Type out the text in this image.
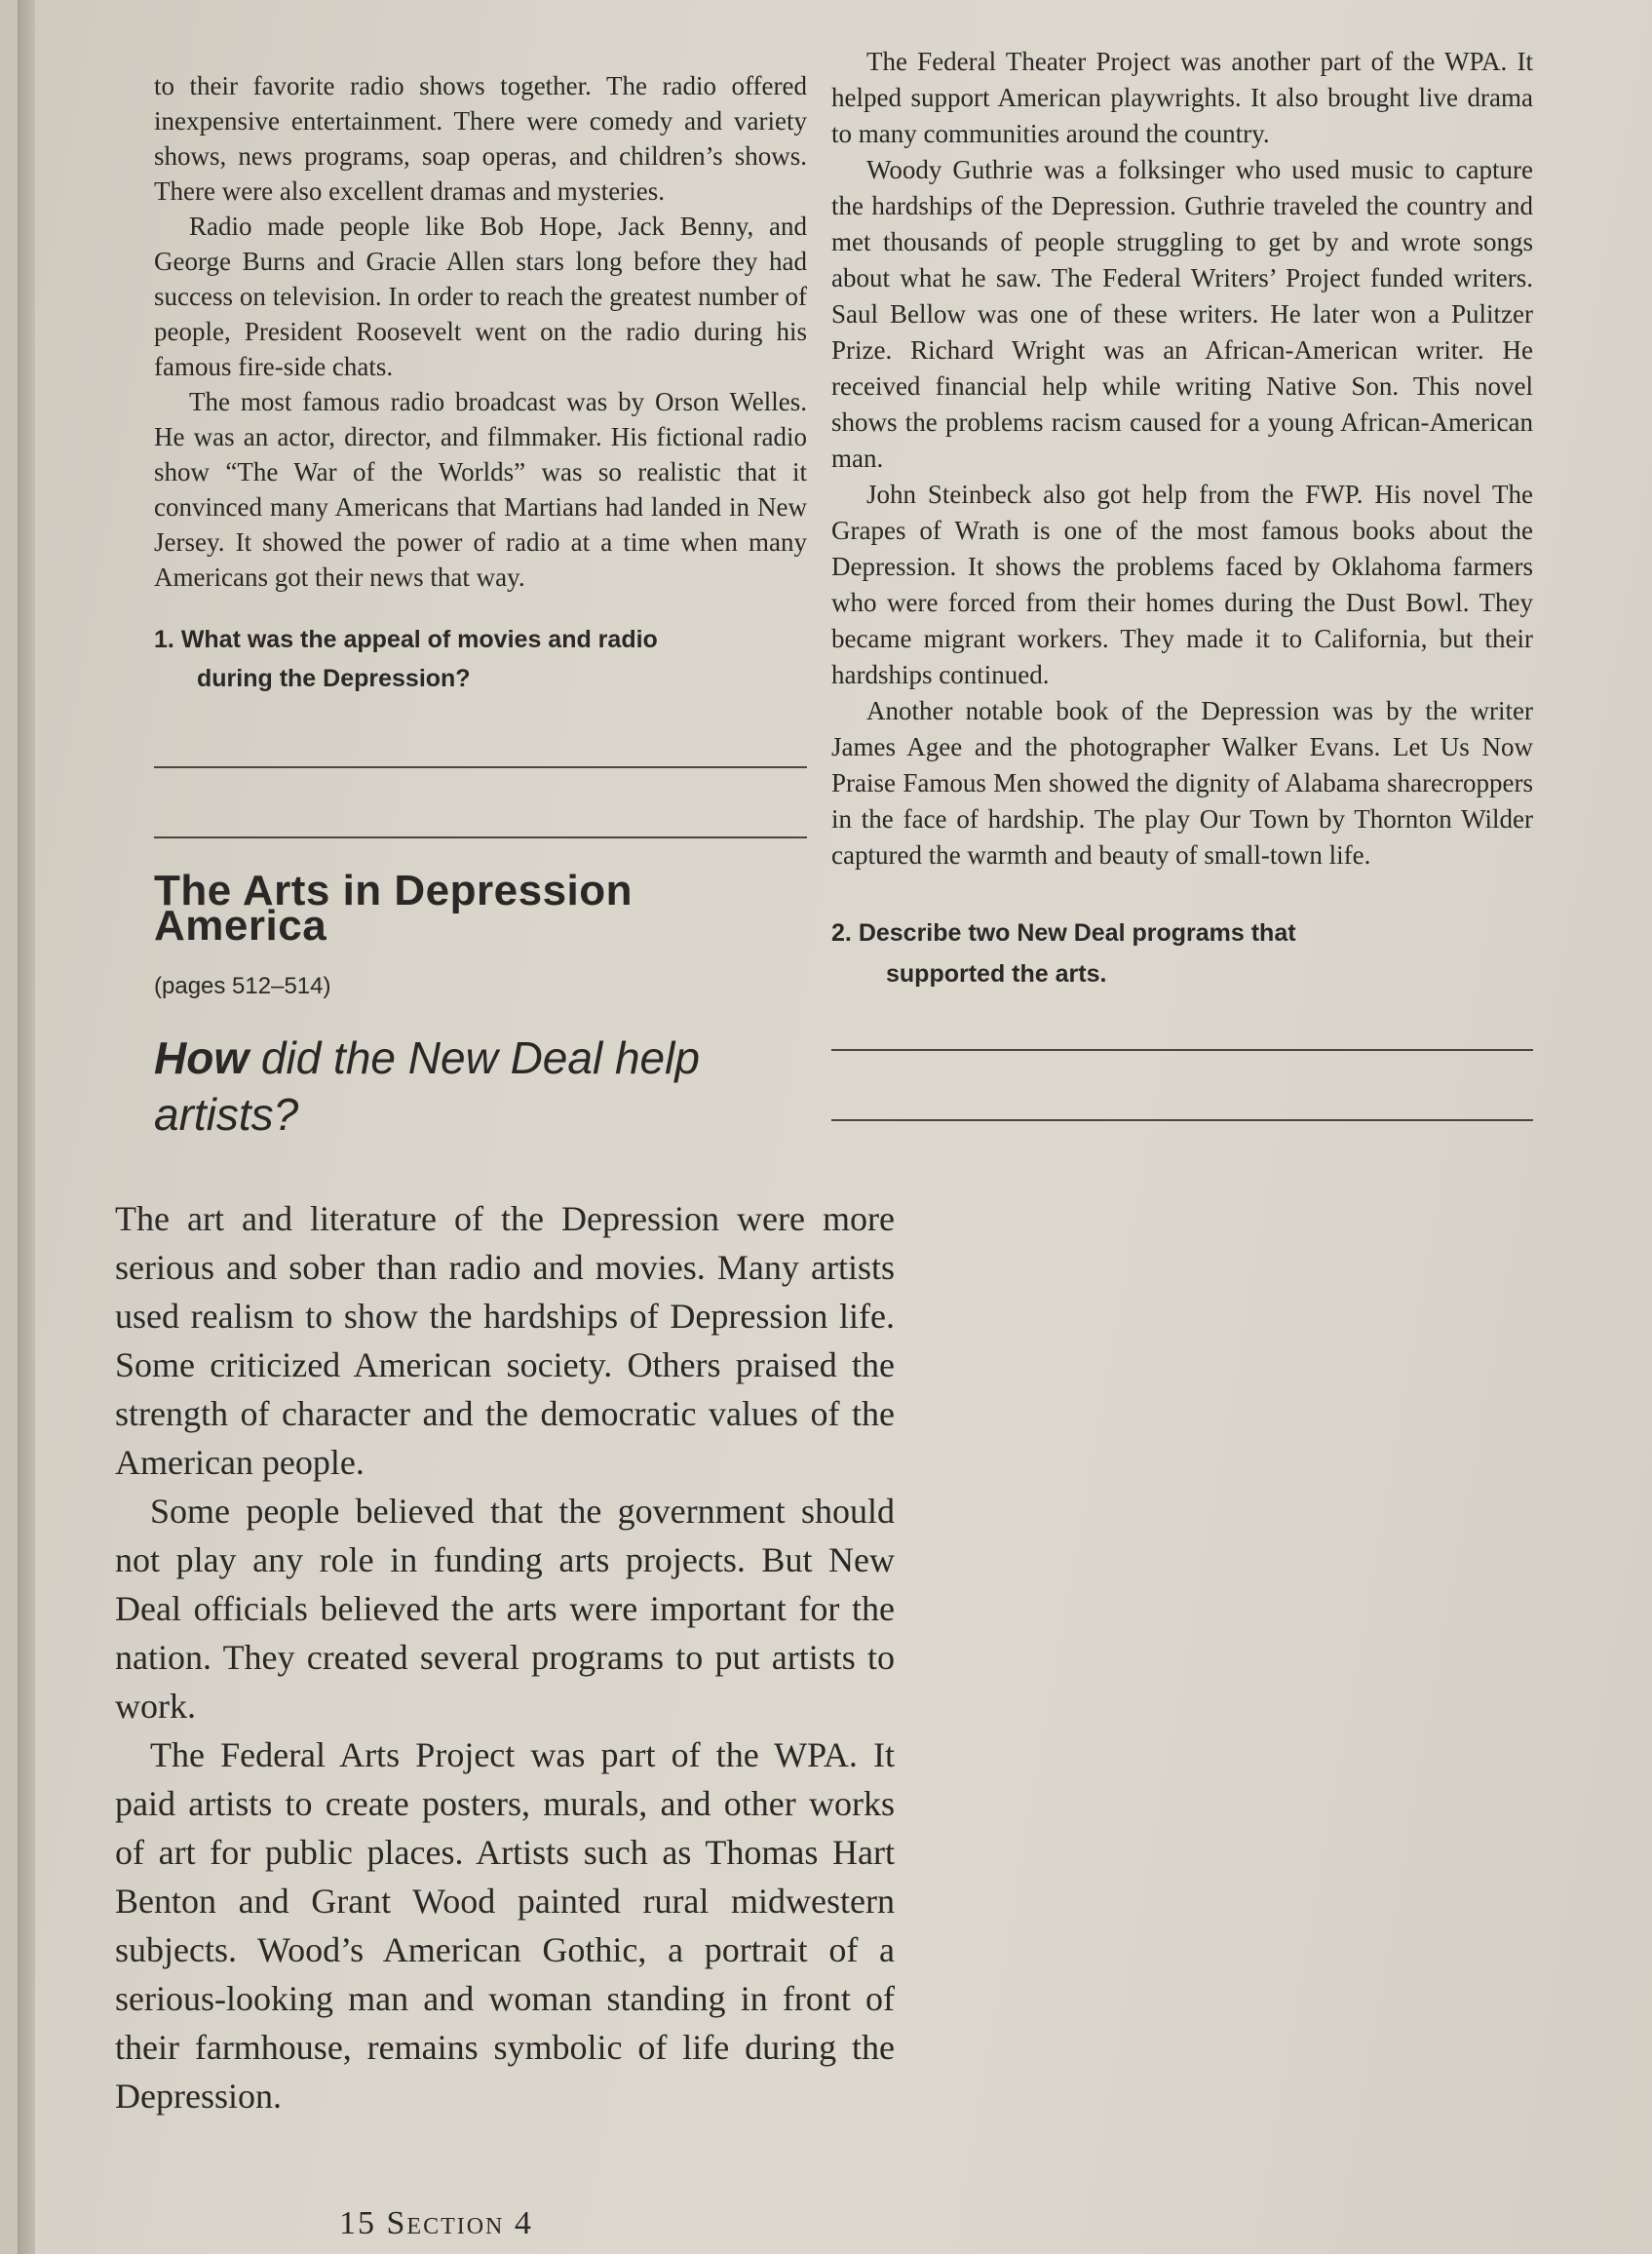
to their favorite radio shows together. The radio offered inexpensive entertainment. There were comedy and variety shows, news programs, soap operas, and children’s shows. There were also excellent dramas and mysteries.

Radio made people like Bob Hope, Jack Benny, and George Burns and Gracie Allen stars long before they had success on television. In order to reach the greatest number of people, President Roosevelt went on the radio during his famous fire-side chats.

The most famous radio broadcast was by Orson Welles. He was an actor, director, and filmmaker. His fictional radio show “The War of the Worlds” was so realistic that it convinced many Americans that Martians had landed in New Jersey. It showed the power of radio at a time when many Americans got their news that way.

1. What was the appeal of movies and radio
during the Depression?
The Arts in Depression America
(pages 512–514)
How did the New Deal help artists?

The Federal Theater Project was another part of the WPA. It helped support American playwrights. It also brought live drama to many communities around the country.

Woody Guthrie was a folksinger who used music to capture the hardships of the Depression. Guthrie traveled the country and met thousands of people struggling to get by and wrote songs about what he saw. The Federal Writers’ Project funded writers. Saul Bellow was one of these writers. He later won a Pulitzer Prize. Richard Wright was an African-American writer. He received financial help while writing Native Son. This novel shows the problems racism caused for a young African-American man.

John Steinbeck also got help from the FWP. His novel The Grapes of Wrath is one of the most famous books about the Depression. It shows the problems faced by Oklahoma farmers who were forced from their homes during the Dust Bowl. They became migrant workers. They made it to California, but their hardships continued.

Another notable book of the Depression was by the writer James Agee and the photographer Walker Evans. Let Us Now Praise Famous Men showed the dignity of Alabama sharecroppers in the face of hardship. The play Our Town by Thornton Wilder captured the warmth and beauty of small-town life.

2. Describe two New Deal programs that
supported the arts.

The art and literature of the Depression were more serious and sober than radio and movies. Many artists used realism to show the hardships of Depression life. Some criticized American society. Others praised the strength of character and the democratic values of the American people.

Some people believed that the government should not play any role in funding arts projects. But New Deal officials believed the arts were important for the nation. They created several programs to put artists to work.

The Federal Arts Project was part of the WPA. It paid artists to create posters, murals, and other works of art for public places. Artists such as Thomas Hart Benton and Grant Wood painted rural midwestern subjects. Wood’s American Gothic, a portrait of a serious-looking man and woman standing in front of their farmhouse, remains symbolic of life during the Depression.

15 Section 4
